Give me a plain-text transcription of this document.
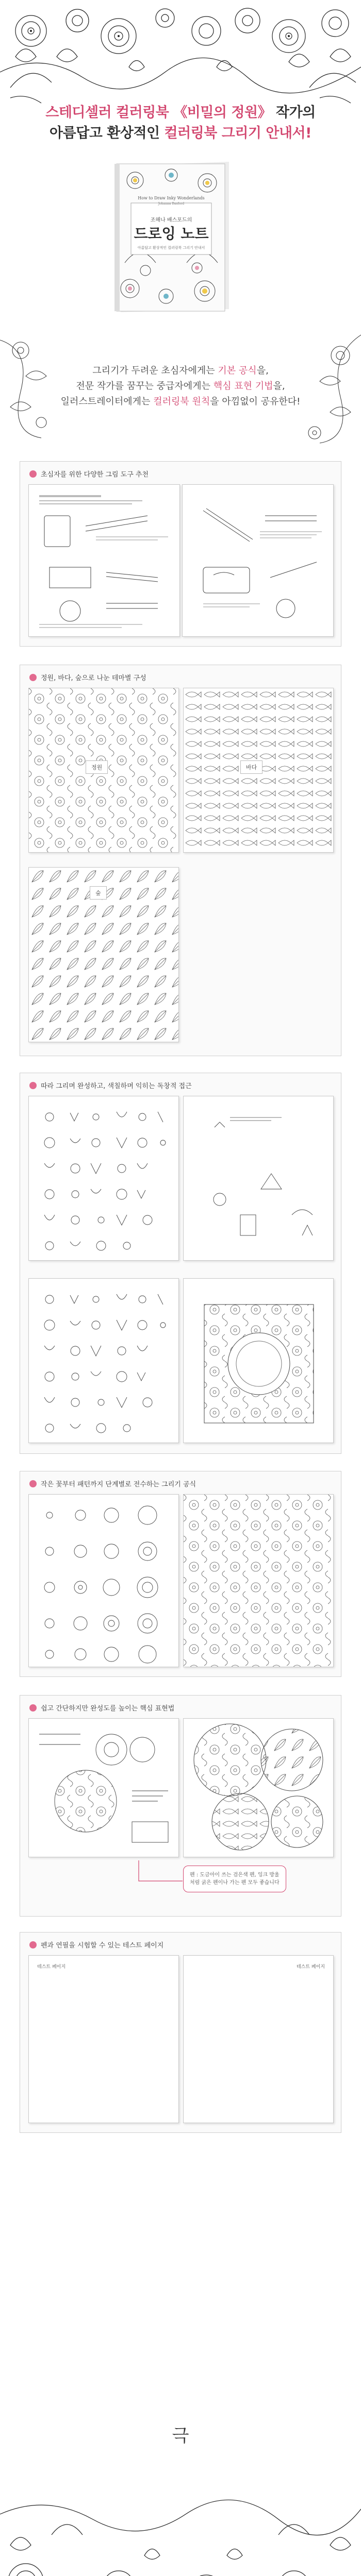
스테디셀러 컬러링북 《비밀의 정원》 작가의
아름답고 환상적인 컬러링북 그리기 안내서!
How to Draw Inky Wonderlands
Johanna Basford
조해나 배스포드의
드로잉 노트
아름답고 환상적인 컬러링북 그리기 안내서
그리기가 두려운 초심자에게는 기본 공식을,
전문 작가를 꿈꾸는 중급자에게는 핵심 표현 기법을,
일러스트레이터에게는 컬러링북 원칙을 아낌없이 공유한다!
초심자를 위한 다양한 그림 도구 추천
정원, 바다, 숲으로 나눈 테마별 구성
정원	바다
숲
따라 그리며 완성하고, 색칠하며 익히는 독창적 접근
작은 꽃부터 패턴까지 단계별로 전수하는 그리기 공식
쉽고 간단하지만 완성도를 높이는 핵심 표현법
펜 : 도금아이 쓰는 검은색 펜, 잉크 방울처럼 굵은 펜이나 가는 펜 모두 좋습니다
펜과 연필을 시험할 수 있는 테스트 페이지
테스트 페이지	테스트 페이지
극
